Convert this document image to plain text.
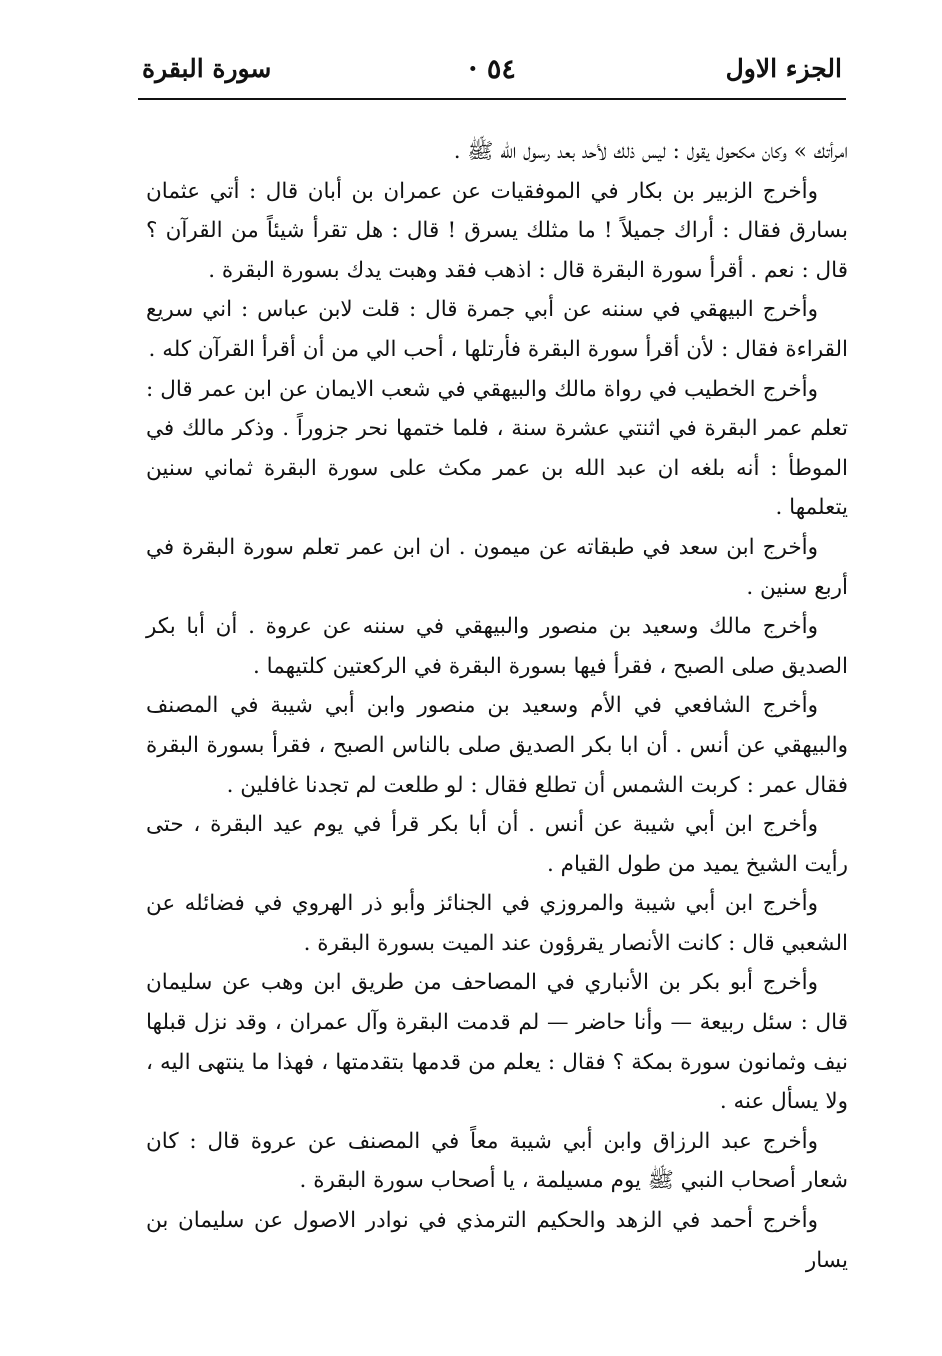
الجزء الاول
٥٤ ·
سورة البقرة

امرأتك » وكان مكحول يقول : ليس ذلك لأحد بعد رسول الله ﷺ .

وأخرج الزبير بن بكار في الموفقيات عن عمران بن أبان قال : أتي عثمان بسارق فقال : أراك جميلاً ! ما مثلك يسرق ! قال : هل تقرأ شيئاً من القرآن ؟ قال : نعم . أقرأ سورة البقرة قال : اذهب فقد وهبت يدك بسورة البقرة .

وأخرج البيهقي في سننه عن أبي جمرة قال : قلت لابن عباس : اني سريع القراءة فقال : لأن أقرأ سورة البقرة فأرتلها ، أحب الي من أن أقرأ القرآن كله .

وأخرج الخطيب في رواة مالك والبيهقي في شعب الايمان عن ابن عمر قال : تعلم عمر البقرة في اثنتي عشرة سنة ، فلما ختمها نحر جزوراً . وذكر مالك في الموطأ : أنه بلغه ان عبد الله بن عمر مكث على سورة البقرة ثماني سنين يتعلمها .

وأخرج ابن سعد في طبقاته عن ميمون . ان ابن عمر تعلم سورة البقرة في أربع سنين .

وأخرج مالك وسعيد بن منصور والبيهقي في سننه عن عروة . أن أبا بكر الصديق صلى الصبح ، فقرأ فيها بسورة البقرة في الركعتين كلتيهما .

وأخرج الشافعي في الأم وسعيد بن منصور وابن أبي شيبة في المصنف والبيهقي عن أنس . أن ابا بكر الصديق صلى بالناس الصبح ، فقرأ بسورة البقرة فقال عمر : كربت الشمس أن تطلع فقال : لو طلعت لم تجدنا غافلين .

وأخرج ابن أبي شيبة عن أنس . أن أبا بكر قرأ في يوم عيد البقرة ، حتى رأيت الشيخ يميد من طول القيام .

وأخرج ابن أبي شيبة والمروزي في الجنائز وأبو ذر الهروي في فضائله عن الشعبي قال : كانت الأنصار يقرؤون عند الميت بسورة البقرة .

وأخرج أبو بكر بن الأنباري في المصاحف من طريق ابن وهب عن سليمان قال : سئل ربيعة — وأنا حاضر — لم قدمت البقرة وآل عمران ، وقد نزل قبلها نيف وثمانون سورة بمكة ؟ فقال : يعلم من قدمها بتقدمتها ، فهذا ما ينتهى اليه ، ولا يسأل عنه .

وأخرج عبد الرزاق وابن أبي شيبة معاً في المصنف عن عروة قال : كان شعار أصحاب النبي ﷺ يوم مسيلمة ، يا أصحاب سورة البقرة .

وأخرج أحمد في الزهد والحكيم الترمذي في نوادر الاصول عن سليمان بن يسار
